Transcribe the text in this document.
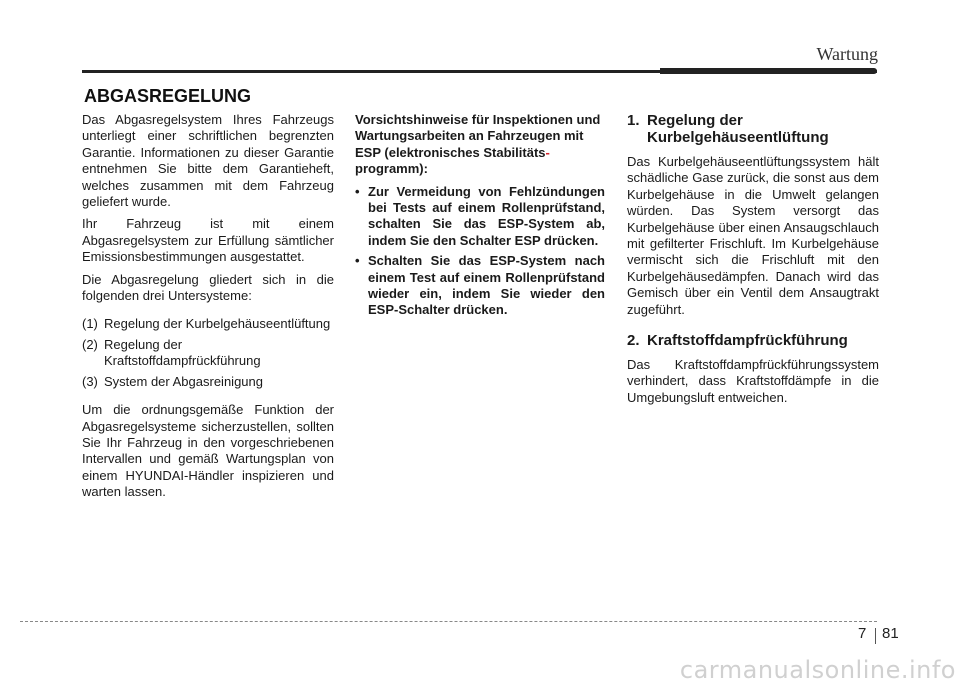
Wartung
ABGASREGELUNG

Das Abgasregelsystem Ihres Fahrzeugs unterliegt einer schriftlichen begrenzten Garantie. Informationen zu dieser Garantie entnehmen Sie bitte dem Garantieheft, welches zusammen mit dem Fahrzeug geliefert wurde.

Ihr Fahrzeug ist mit einem Abgasregelsystem zur Erfüllung sämtlicher Emissionsbestimmungen ausgestattet.

Die Abgasregelung gliedert sich in die folgenden drei Untersysteme:

(1) Regelung der Kurbelgehäuseentlüftung
(2) Regelung der Kraftstoffdampfrückführung
(3) System der Abgasreinigung

Um die ordnungsgemäße Funktion der Abgasregelsysteme sicherzustellen, sollten Sie Ihr Fahrzeug in den vorgeschriebenen Intervallen und gemäß Wartungsplan von einem HYUNDAI-Händler inspizieren und warten lassen.

Vorsichtshinweise für Inspektionen und Wartungsarbeiten an Fahrzeugen mit ESP (elektronisches Stabilitäts-programm):

• Zur Vermeidung von Fehlzündungen bei Tests auf einem Rollenprüfstand, schalten Sie das ESP-System ab, indem Sie den Schalter ESP drücken.
• Schalten Sie das ESP-System nach einem Test auf einem Rollenprüfstand wieder ein, indem Sie wieder den ESP-Schalter drücken.
1. Regelung der Kurbelgehäuseentlüftung

Das Kurbelgehäuseentlüftungssystem hält schädliche Gase zurück, die sonst aus dem Kurbelgehäuse in die Umwelt gelangen würden. Das System versorgt das Kurbelgehäuse über einen Ansaugschlauch mit gefilterter Frischluft. Im Kurbelgehäuse vermischt sich die Frischluft mit den Kurbelgehäusedämpfen. Danach wird das Gemisch über ein Ventil dem Ansaugtrakt zugeführt.

2. Kraftstoffdampfrückführung

Das Kraftstoffdampfrückführungssystem verhindert, dass Kraftstoffdämpfe in die Umgebungsluft entweichen.

7 81
carmanualsonline.info
